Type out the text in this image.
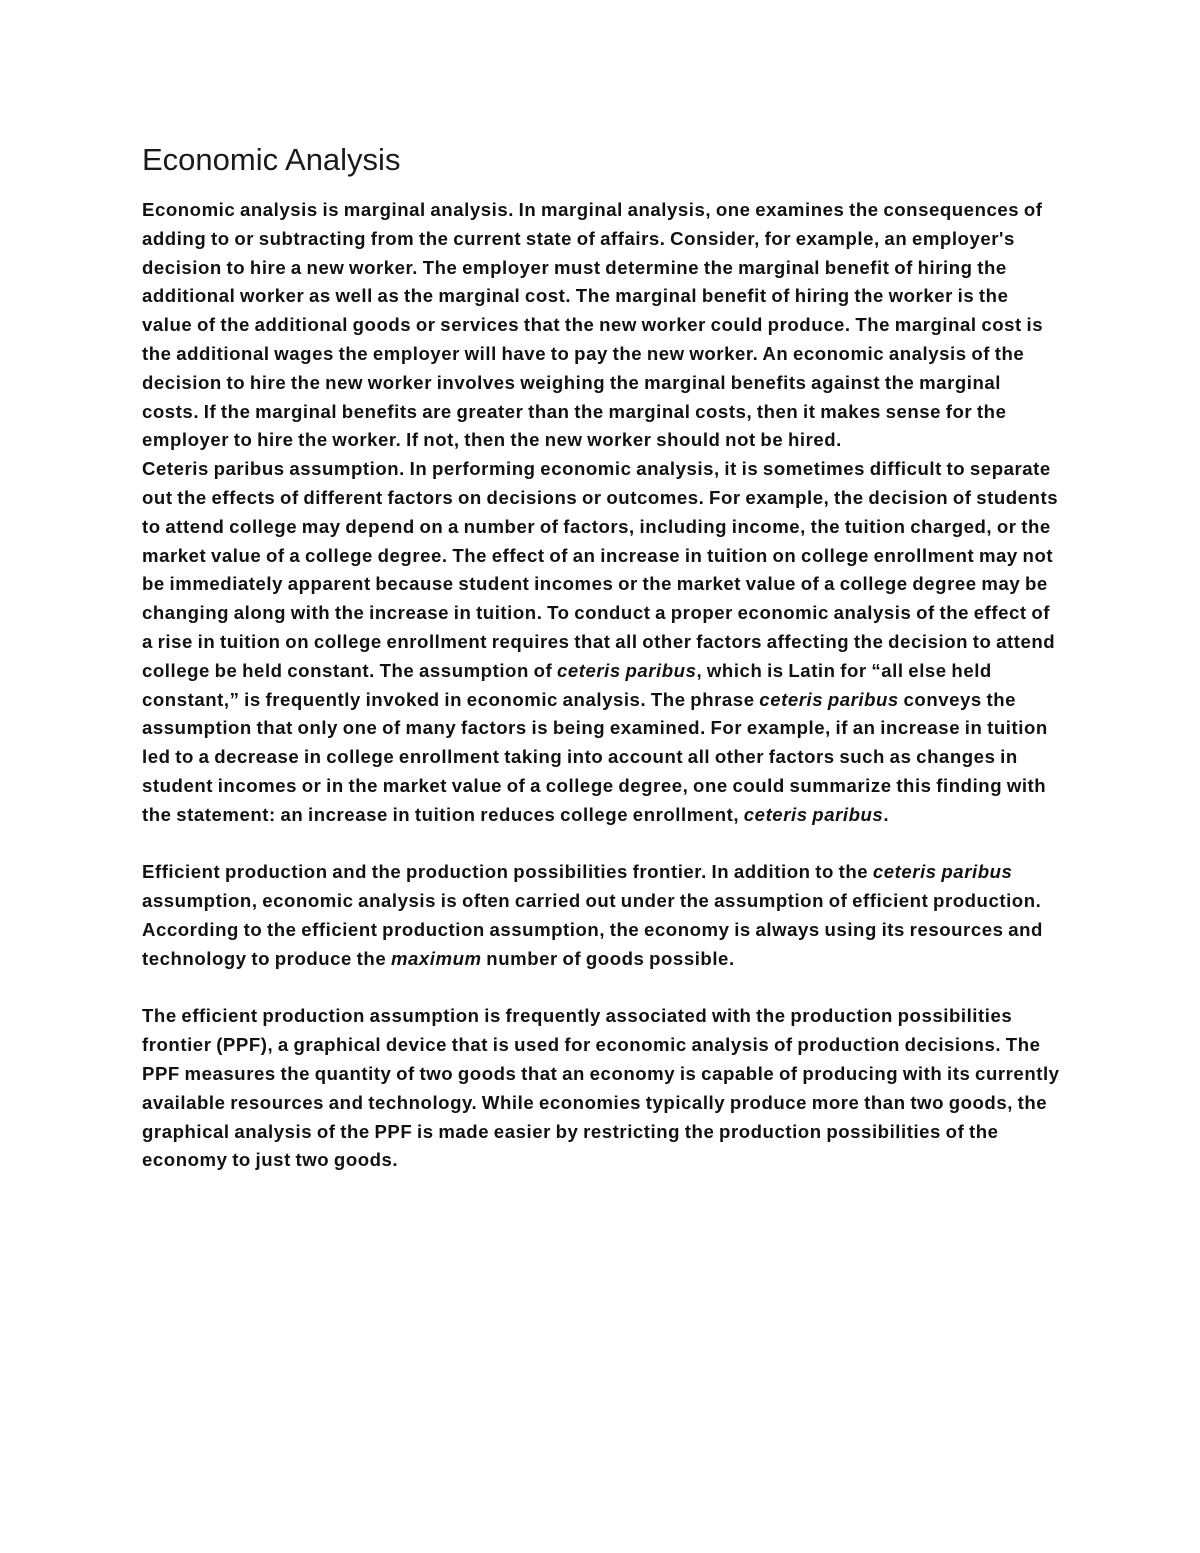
Economic Analysis

Economic analysis is marginal analysis. In marginal analysis, one examines the consequences of adding to or subtracting from the current state of affairs. Consider, for example, an employer's decision to hire a new worker. The employer must determine the marginal benefit of hiring the additional worker as well as the marginal cost. The marginal benefit of hiring the worker is the value of the additional goods or services that the new worker could produce. The marginal cost is the additional wages the employer will have to pay the new worker. An economic analysis of the decision to hire the new worker involves weighing the marginal benefits against the marginal costs. If the marginal benefits are greater than the marginal costs, then it makes sense for the employer to hire the worker. If not, then the new worker should not be hired.

Ceteris paribus assumption. In performing economic analysis, it is sometimes difficult to separate out the effects of different factors on decisions or outcomes. For example, the decision of students to attend college may depend on a number of factors, including income, the tuition charged, or the market value of a college degree. The effect of an increase in tuition on college enrollment may not be immediately apparent because student incomes or the market value of a college degree may be changing along with the increase in tuition. To conduct a proper economic analysis of the effect of a rise in tuition on college enrollment requires that all other factors affecting the decision to attend college be held constant. The assumption of ceteris paribus, which is Latin for “all else held constant,” is frequently invoked in economic analysis. The phrase ceteris paribus conveys the assumption that only one of many factors is being examined. For example, if an increase in tuition led to a decrease in college enrollment taking into account all other factors such as changes in student incomes or in the market value of a college degree, one could summarize this finding with the statement: an increase in tuition reduces college enrollment, ceteris paribus.

Efficient production and the production possibilities frontier. In addition to the ceteris paribus assumption, economic analysis is often carried out under the assumption of efficient production. According to the efficient production assumption, the economy is always using its resources and technology to produce the maximum number of goods possible.

The efficient production assumption is frequently associated with the production possibilities frontier (PPF), a graphical device that is used for economic analysis of production decisions. The PPF measures the quantity of two goods that an economy is capable of producing with its currently available resources and technology. While economies typically produce more than two goods, the graphical analysis of the PPF is made easier by restricting the production possibilities of the economy to just two goods.
